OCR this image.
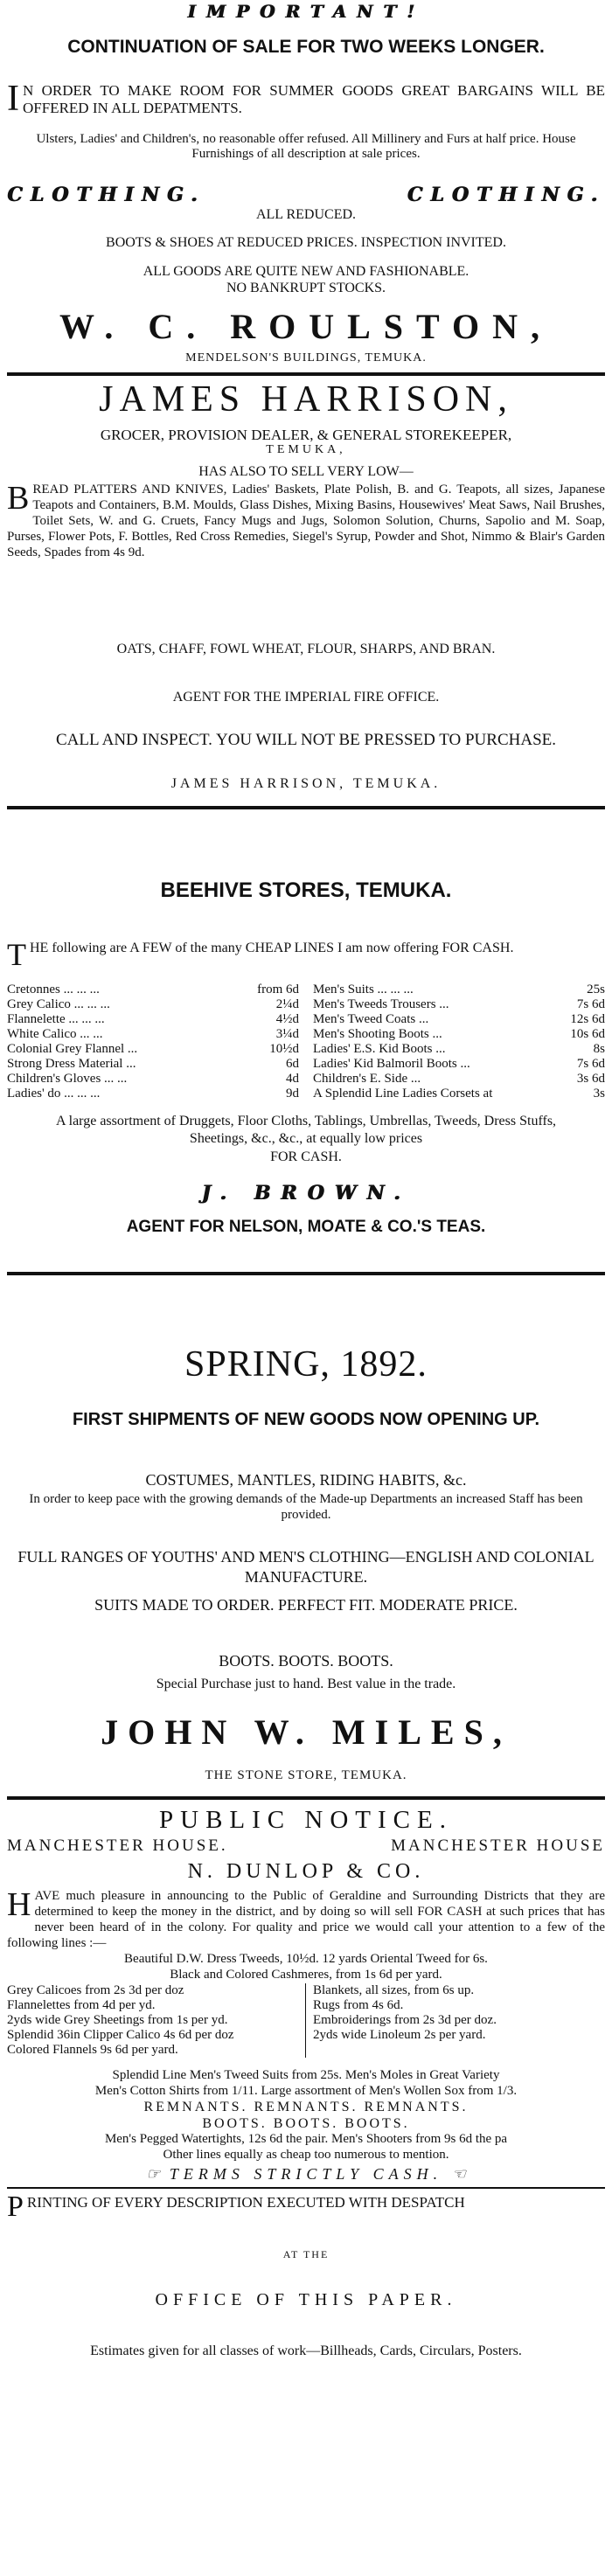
IMPORTANT!
CONTINUATION OF SALE FOR TWO WEEKS LONGER.
I N ORDER TO MAKE ROOM FOR SUMMER GOODS GREAT BARGAINS WILL BE OFFERED IN ALL DEPATMENTS.
Ulsters, Ladies' and Children's, no reasonable offer refused. All Millinery and Furs at half price. House Furnishings of all description at sale prices.
CLOTHING.	CLOTHING.
ALL REDUCED.
BOOTS & SHOES AT REDUCED PRICES. INSPECTION INVITED.
ALL GOODS ARE QUITE NEW AND FASHIONABLE.
NO BANKRUPT STOCKS.
W. C. ROULSTON,
MENDELSON'S BUILDINGS, TEMUKA.
JAMES HARRISON,
GROCER, PROVISION DEALER, & GENERAL STOREKEEPER,
TEMUKA,
HAS ALSO TO SELL VERY LOW—
BREAD PLATTERS AND KNIVES, Ladies' Baskets, Plate Polish, B. and G. Teapots, all sizes, Japanese Teapots and Containers, B.M. Moulds, Glass Dishes, Mixing Basins, Housewives' Meat Saws, Nail Brushes, Toilet Sets, W. and G. Cruets, Fancy Mugs and Jugs, Solomon Solution, Churns, Sapolio and M. Soap, Purses, Flower Pots, F. Bottles, Red Cross Remedies, Siegel's Syrup, Powder and Shot, Nimmo & Blair's Garden Seeds, Spades from 4s 9d.
OATS, CHAFF, FOWL WHEAT, FLOUR, SHARPS, AND BRAN.
AGENT FOR THE IMPERIAL FIRE OFFICE.
CALL AND INSPECT. YOU WILL NOT BE PRESSED TO PURCHASE.
JAMES HARRISON, TEMUKA.
BEEHIVE STORES, TEMUKA.
THE following are A FEW of the many CHEAP LINES I am now offering FOR CASH.
Cretonnes ... ... ...	from 6d
Grey Calico ... ... ...	2¼d
Flannelette ... ... ...	4½d
White Calico ... ...	3¼d
Colonial Grey Flannel ...	10½d
Strong Dress Material ...	6d
Children's Gloves ... ...	4d
Ladies' do ... ... ...	9d
Men's Suits ... ... ...	25s
Men's Tweeds Trousers ...	7s 6d
Men's Tweed Coats ...	12s 6d
Men's Shooting Boots ...	10s 6d
Ladies' E.S. Kid Boots ...	8s
Ladies' Kid Balmoril Boots ...	7s 6d
Children's E. Side ...	3s 6d
A Splendid Line Ladies Corsets at	3s
A large assortment of Druggets, Floor Cloths, Tablings, Umbrellas, Tweeds, Dress Stuffs, Sheetings, &c., &c., at equally low prices
FOR CASH.
J. BROWN.
AGENT FOR NELSON, MOATE & CO.'S TEAS.
SPRING, 1892.
FIRST SHIPMENTS OF NEW GOODS NOW OPENING UP.
COSTUMES, MANTLES, RIDING HABITS, &c.
In order to keep pace with the growing demands of the Made-up Departments an increased Staff has been provided.
FULL RANGES OF YOUTHS' AND MEN'S CLOTHING—ENGLISH AND COLONIAL MANUFACTURE.
SUITS MADE TO ORDER. PERFECT FIT. MODERATE PRICE.
BOOTS. BOOTS. BOOTS.
Special Purchase just to hand. Best value in the trade.
JOHN W. MILES,
THE STONE STORE, TEMUKA.
PUBLIC NOTICE.
MANCHESTER HOUSE.	MANCHESTER HOUSE
N. DUNLOP & CO.
HAVE much pleasure in announcing to the Public of Geraldine and Surrounding Districts that they are determined to keep the money in the district, and by doing so will sell FOR CASH at such prices that has never been heard of in the colony. For quality and price we would call your attention to a few of the following lines :—
Beautiful D.W. Dress Tweeds, 10½d. 12 yards Oriental Tweed for 6s.
Black and Colored Cashmeres, from 1s 6d per yard.
Grey Calicoes from 2s 3d per doz
Flannelettes from 4d per yd.
2yds wide Grey Sheetings from 1s per yd.
Splendid 36in Clipper Calico 4s 6d per doz
Colored Flannels 9s 6d per yard.
Blankets, all sizes, from 6s up.
Rugs from 4s 6d.
Embroiderings from 2s 3d per doz.
2yds wide Linoleum 2s per yard.
Splendid Line Men's Tweed Suits from 25s. Men's Moles in Great Variety
Men's Cotton Shirts from 1/11. Large assortment of Men's Wollen Sox from 1/3.
REMNANTS. REMNANTS. REMNANTS.
BOOTS. BOOTS. BOOTS.
Men's Pegged Watertights, 12s 6d the pair. Men's Shooters from 9s 6d the pa
Other lines equally as cheap too numerous to mention.
☞ TERMS STRICTLY CASH. ☜
PRINTING OF EVERY DESCRIPTION EXECUTED WITH DESPATCH
AT THE
OFFICE OF THIS PAPER.
Estimates given for all classes of work—Billheads, Cards, Circulars, Posters.
